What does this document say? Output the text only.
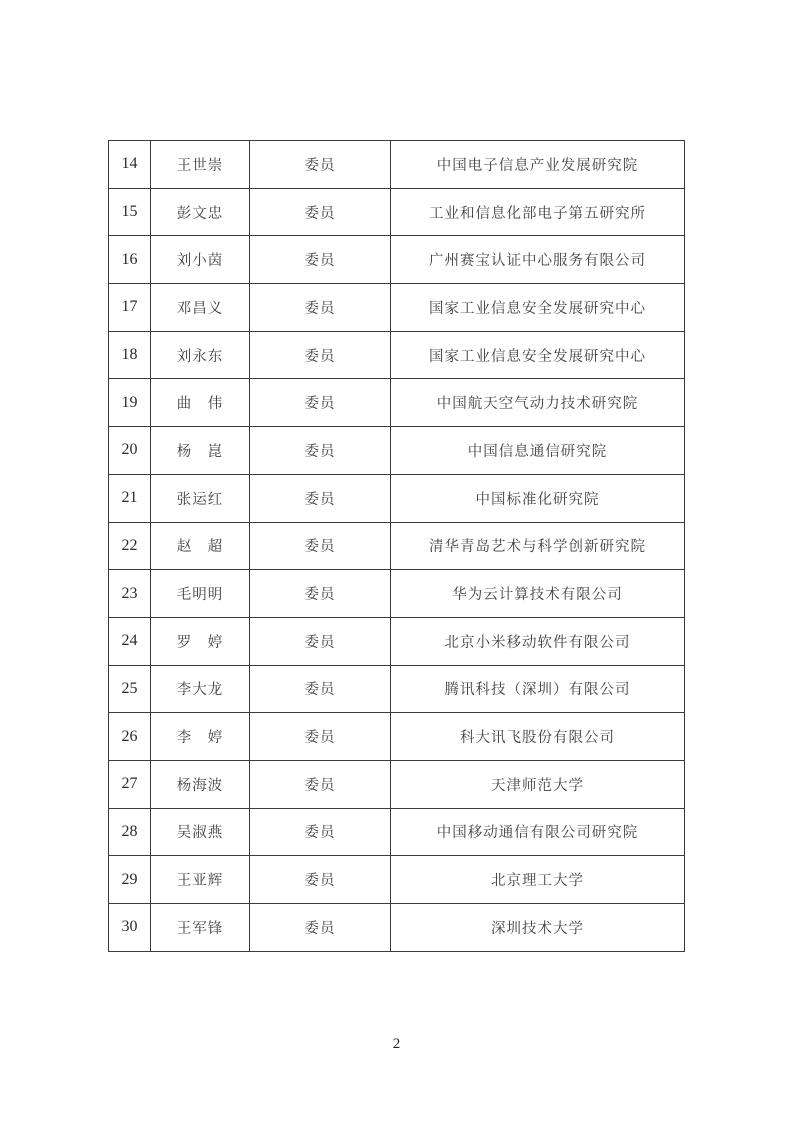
14	王世崇	委员	中国电子信息产业发展研究院
15	彭文忠	委员	工业和信息化部电子第五研究所
16	刘小茵	委员	广州赛宝认证中心服务有限公司
17	邓昌义	委员	国家工业信息安全发展研究中心
18	刘永东	委员	国家工业信息安全发展研究中心
19	曲　伟	委员	中国航天空气动力技术研究院
20	杨　崑	委员	中国信息通信研究院
21	张运红	委员	中国标准化研究院
22	赵　超	委员	清华青岛艺术与科学创新研究院
23	毛明明	委员	华为云计算技术有限公司
24	罗　婷	委员	北京小米移动软件有限公司
25	李大龙	委员	腾讯科技（深圳）有限公司
26	李　婷	委员	科大讯飞股份有限公司
27	杨海波	委员	天津师范大学
28	吴淑燕	委员	中国移动通信有限公司研究院
29	王亚辉	委员	北京理工大学
30	王军锋	委员	深圳技术大学
2
